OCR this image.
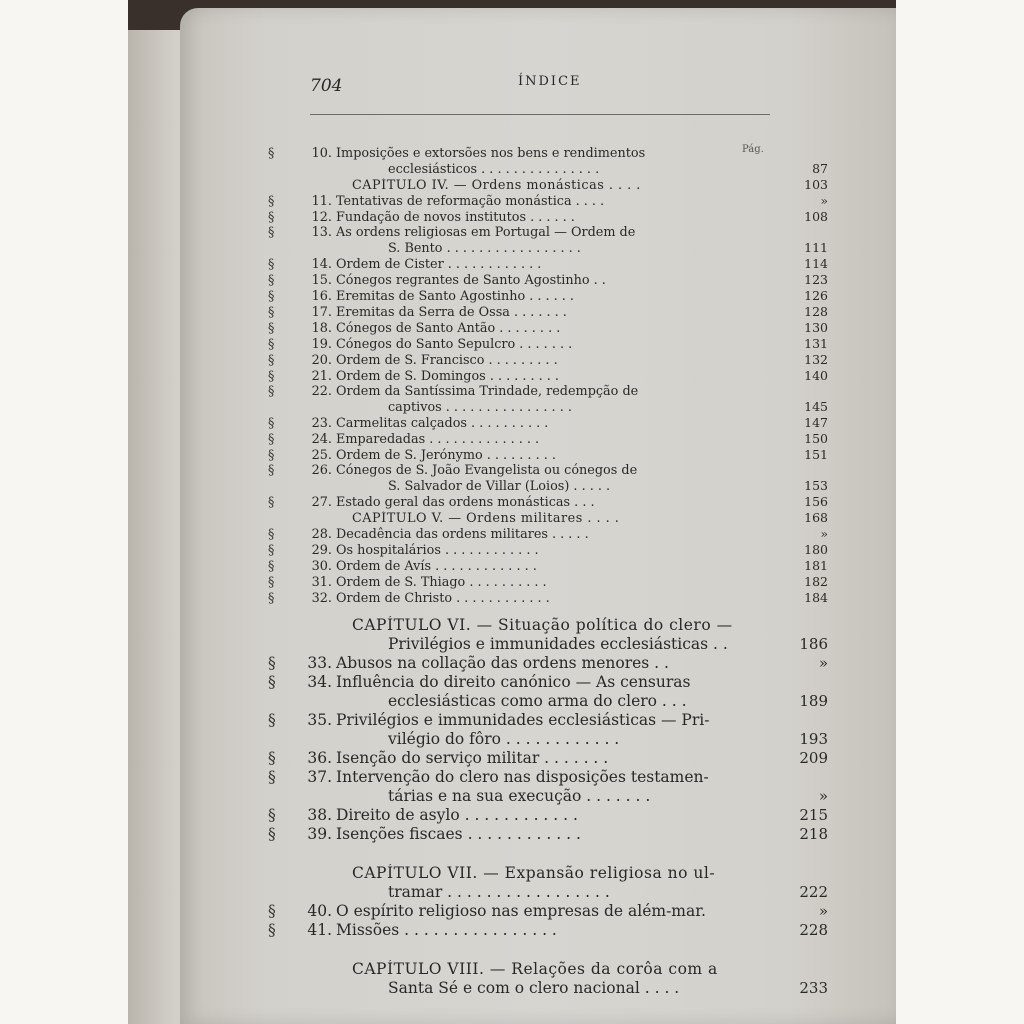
704	ÍNDICE
Pág.
§	10. Imposições e extorsões nos bens e rendimentos
ecclesiásticos . . . . . . . . . . . . . . .	87
CAPÍTULO IV. — Ordens monásticas . . . .	103
§	11. Tentativas de reformação monástica . . . .	»
§	12. Fundação de novos institutos . . . . . .	108
§	13. As ordens religiosas em Portugal — Ordem de
S. Bento . . . . . . . . . . . . . . . . .	111
§	14. Ordem de Cister . . . . . . . . . . . .	114
§	15. Cónegos regrantes de Santo Agostinho . .	123
§	16. Eremitas de Santo Agostinho . . . . . .	126
§	17. Eremitas da Serra de Ossa . . . . . . .	128
§	18. Cónegos de Santo Antão . . . . . . . .	130
§	19. Cónegos do Santo Sepulcro . . . . . . .	131
§	20. Ordem de S. Francisco . . . . . . . . .	132
§	21. Ordem de S. Domingos . . . . . . . . .	140
§	22. Ordem da Santíssima Trindade, redempção de
captivos . . . . . . . . . . . . . . . .	145
§	23. Carmelitas calçados . . . . . . . . . .	147
§	24. Emparedadas . . . . . . . . . . . . . .	150
§	25. Ordem de S. Jerónymo . . . . . . . . .	151
§	26. Cónegos de S. João Evangelista ou cónegos de
S. Salvador de Villar (Loios) . . . . .	153
§	27. Estado geral das ordens monásticas . . .	156
CAPÍTULO V. — Ordens militares . . . .	168
§	28. Decadência das ordens militares . . . . .	»
§	29. Os hospitalários . . . . . . . . . . . .	180
§	30. Ordem de Avís . . . . . . . . . . . . .	181
§	31. Ordem de S. Thiago . . . . . . . . . .	182
§	32. Ordem de Christo . . . . . . . . . . . .	184
CAPÍTULO VI. — Situação política do clero —
Privilégios e immunidades ecclesiásticas . .	186
§	33. Abusos na collação das ordens menores . .	»
§	34. Influência do direito canónico — As censuras
ecclesiásticas como arma do clero . . .	189
§	35. Privilégios e immunidades ecclesiásticas — Pri-
vilégio do fôro . . . . . . . . . . . .	193
§	36. Isenção do serviço militar . . . . . . .	209
§	37. Intervenção do clero nas disposições testamen-
tárias e na sua execução . . . . . . .	»
§	38. Direito de asylo . . . . . . . . . . . .	215
§	39. Isenções fiscaes . . . . . . . . . . . .	218
CAPÍTULO VII. — Expansão religiosa no ul-
tramar . . . . . . . . . . . . . . . . .	222
§	40. O espírito religioso nas empresas de além-mar.	»
§	41. Missões . . . . . . . . . . . . . . . .	228
CAPÍTULO VIII. — Relações da corôa com a
Santa Sé e com o clero nacional . . . .	233
